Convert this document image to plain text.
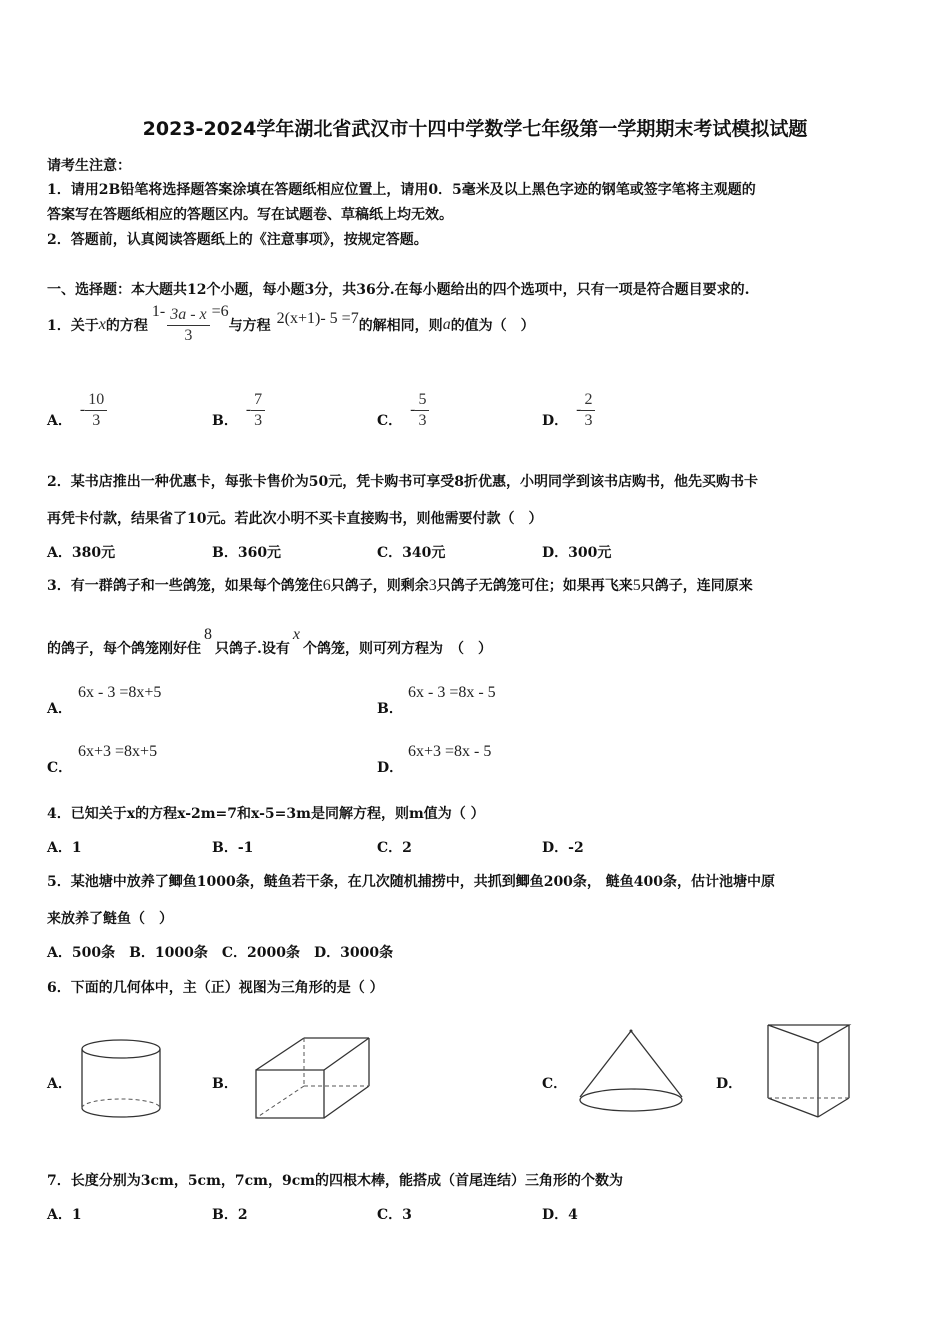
2023-2024学年湖北省武汉市十四中学数学七年级第一学期期末考试模拟试题
请考生注意：
1．请用2B铅笔将选择题答案涂填在答题纸相应位置上，请用0．5毫米及以上黑色字迹的钢笔或签字笔将主观题的
答案写在答题纸相应的答题区内。写在试题卷、草稿纸上均无效。
2．答题前，认真阅读答题纸上的《注意事项》，按规定答题。
一、选择题：本大题共12个小题，每小题3分，共36分.在每小题给出的四个选项中，只有一项是符合题目要求的.
1．关于 x 的方程
$1- \frac{3a - x}{3} =6$
与方程 2(x+1)- 5 =7 的解相同，则 a 的值为（　）
A．
- $\frac{10}{3}$	B．
- $\frac{7}{3}$	C．
- $\frac{5}{3}$	D．
- $\frac{2}{3}$
2．某书店推出一种优惠卡，每张卡售价为50元，凭卡购书可享受8折优惠，小明同学到该书店购书，他先买购书卡
再凭卡付款，结果省了10元。若此次小明不买卡直接购书，则他需要付款（　）
A．380元	B．360元	C．340元	D．300元
3．有一群鸽子和一些鸽笼，如果每个鸽笼住6只鸽子，则剩余3只鸽子无鸽笼可住；如果再飞来5只鸽子，连同原来
的鸽子，每个鸽笼刚好住8只鸽子.设有x个鸽笼，则可列方程为　（　）
A．
6x - 3 =8x+5
B．
6x - 3 =8x - 5
C．
6x+3 =8x+5
D．
6x+3 =8x - 5
4．已知关于x的方程x-2m=7和x-5=3m是同解方程，则m值为（ ）
A．1	B．-1	C．2	D．-2
5．某池塘中放养了鲫鱼1000条，鲢鱼若干条，在几次随机捕捞中，共抓到鲫鱼200条， 鲢鱼400条，估计池塘中原
来放养了鲢鱼（　）
A．500条　B．1000条　C．2000条　D．3000条
6．下面的几何体中，主（正）视图为三角形的是（ ）
A．	B．	C．	D．
7．长度分别为3cm，5cm，7cm，9cm的四根木棒，能搭成（首尾连结）三角形的个数为
A．1	B．2	C．3	D．4
